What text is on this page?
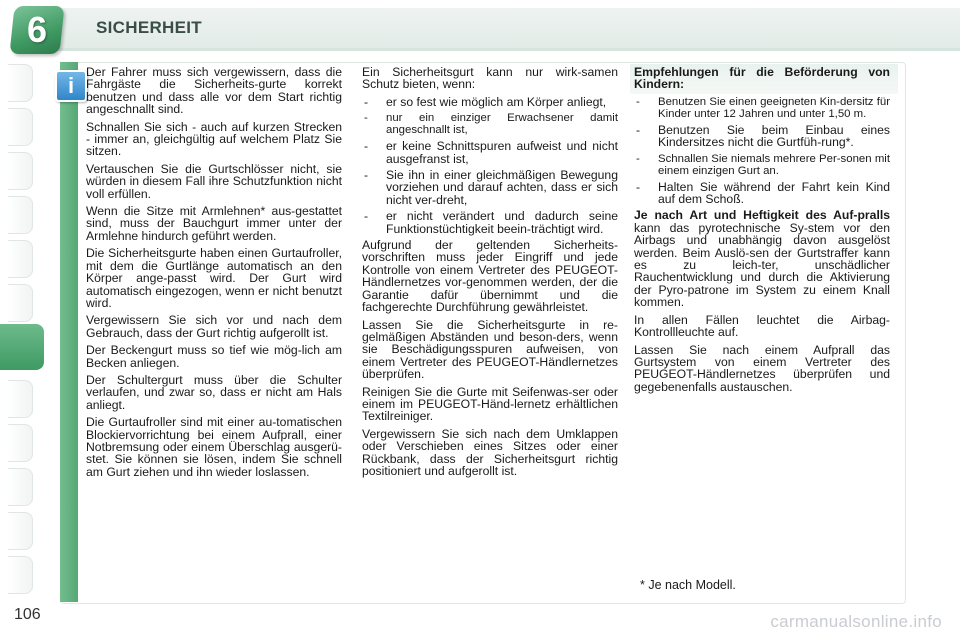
6	SICHERHEIT
i

Der Fahrer muss sich vergewissern, dass die Fahrgäste die Sicherheits-gurte korrekt benutzen und dass alle vor dem Start richtig angeschnallt sind.

Schnallen Sie sich - auch auf kurzen Strecken - immer an, gleichgültig auf welchem Platz Sie sitzen.

Vertauschen Sie die Gurtschlösser nicht, sie würden in diesem Fall ihre Schutzfunktion nicht voll erfüllen.

Wenn die Sitze mit Armlehnen* aus-gestattet sind, muss der Bauchgurt immer unter der Armlehne hindurch geführt werden.

Die Sicherheitsgurte haben einen Gurtaufroller, mit dem die Gurtlänge automatisch an den Körper ange-passt wird. Der Gurt wird automatisch eingezogen, wenn er nicht benutzt wird.

Vergewissern Sie sich vor und nach dem Gebrauch, dass der Gurt richtig aufgerollt ist.

Der Beckengurt muss so tief wie mög-lich am Becken anliegen.

Der Schultergurt muss über die Schulter verlaufen, und zwar so, dass er nicht am Hals anliegt.

Die Gurtaufroller sind mit einer au-tomatischen Blockiervorrichtung bei einem Aufprall, einer Notbremsung oder einem Überschlag ausgerü-stet. Sie können sie lösen, indem Sie schnell am Gurt ziehen und ihn wieder loslassen.

Ein Sicherheitsgurt kann nur wirk-samen Schutz bieten, wenn:

- er so fest wie möglich am Körper anliegt,
- nur ein einziger Erwachsener damit angeschnallt ist,
- er keine Schnittspuren aufweist und nicht ausgefranst ist,
- Sie ihn in einer gleichmäßigen Bewegung vorziehen und darauf achten, dass er sich nicht ver-dreht,
- er nicht verändert und dadurch seine Funktionstüchtigkeit beein-trächtigt wird.

Aufgrund der geltenden Sicherheits-vorschriften muss jeder Eingriff und jede Kontrolle von einem Vertreter des PEUGEOT-Händlernetzes vor-genommen werden, der die Garantie dafür übernimmt und die fachgerechte Durchführung gewährleistet.

Lassen Sie die Sicherheitsgurte in re-gelmäßigen Abständen und beson-ders, wenn sie Beschädigungsspuren aufweisen, von einem Vertreter des PEUGEOT-Händlernetzes überprüfen.

Reinigen Sie die Gurte mit Seifenwas-ser oder einem im PEUGEOT-Händ-lernetz erhältlichen Textilreiniger.

Vergewissern Sie sich nach dem Umklappen oder Verschieben eines Sitzes oder einer Rückbank, dass der Sicherheitsgurt richtig positioniert und aufgerollt ist.

Empfehlungen für die Beförderung von Kindern:

- Benutzen Sie einen geeigneten Kin-dersitz für Kinder unter 12 Jahren und unter 1,50 m.
- Benutzen Sie beim Einbau eines Kindersitzes nicht die Gurtfüh-rung*.
- Schnallen Sie niemals mehrere Per-sonen mit einem einzigen Gurt an.
- Halten Sie während der Fahrt kein Kind auf dem Schoß.

Je nach Art und Heftigkeit des Auf-pralls kann das pyrotechnische Sy-stem vor den Airbags und unabhängig davon ausgelöst werden. Beim Auslö-sen der Gurtstraffer kann es zu leich-ter, unschädlicher Rauchentwicklung und durch die Aktivierung der Pyro-patrone im System zu einem Knall kommen.

In allen Fällen leuchtet die Airbag-Kontrollleuchte auf.

Lassen Sie nach einem Aufprall das Gurtsystem von einem Vertreter des PEUGEOT-Händlernetzes überprüfen und gegebenenfalls austauschen.

* Je nach Modell.
106	carmanualsonline.info
